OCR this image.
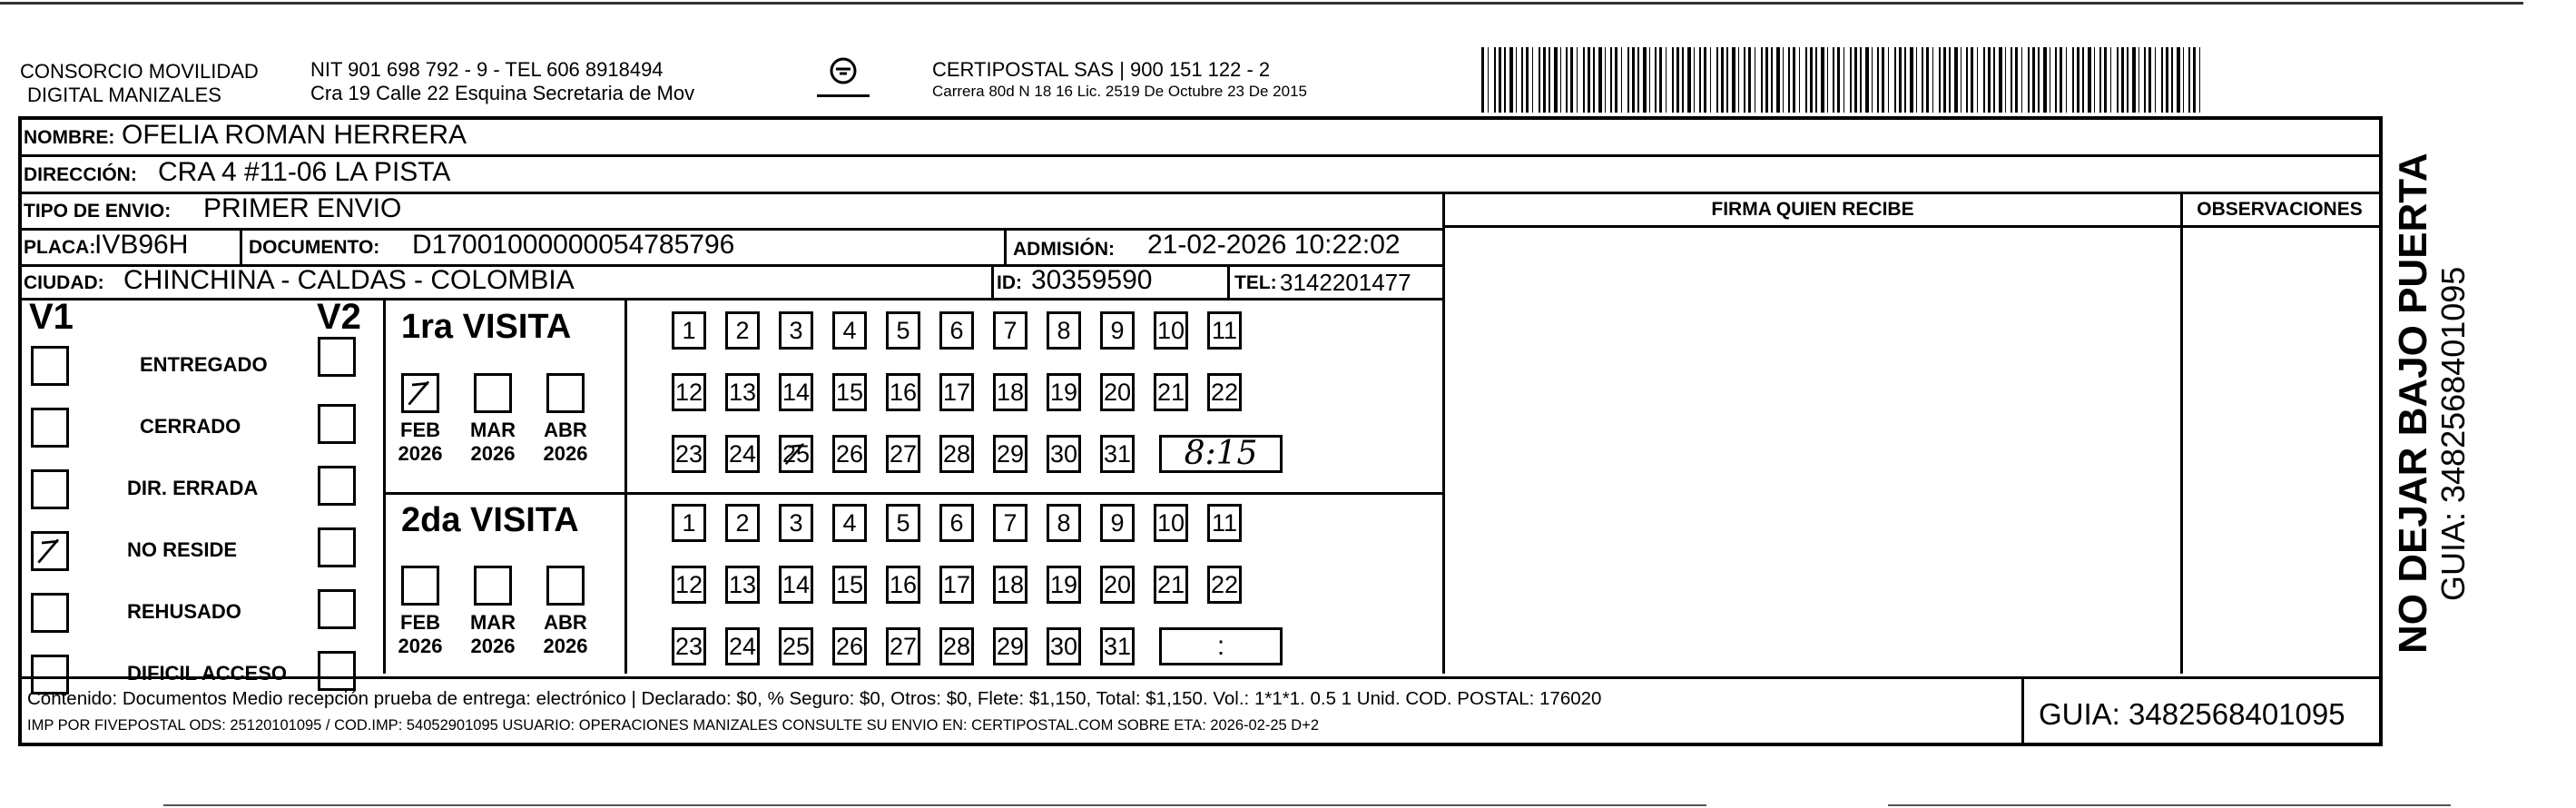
CONSORCIO MOVILIDAD
DIGITAL MANIZALES
NIT 901 698 792 - 9 - TEL 606 8918494
Cra 19 Calle 22 Esquina Secretaria de Mov
CERTIPOSTAL SAS | 900 151 122 - 2
Carrera 80d N 18 16 Lic. 2519 De Octubre 23 De 2015
NOMBRE: OFELIA ROMAN HERRERA
DIRECCIÓN: CRA 4 #11-06 LA PISTA
TIPO DE ENVIO: PRIMER ENVIO
PLACA:
IVB96H	DOCUMENTO: D17001000000054785796	ADMISIÓN: 21-02-2026 10:22:02
CIUDAD: CHINCHINA - CALDAS - COLOMBIA	ID: 30359590	TEL: 3142201477
FIRMA QUIEN RECIBE	OBSERVACIONES
V1	V2
ENTREGADO
CERRADO
DIR. ERRADA
NO RESIDE
REHUSADO
DIFICIL ACCESO
1ra VISITA
2da VISITA
FEB
2026
MAR
2026
ABR
2026
FEB
2026
MAR
2026
ABR
2026
1	2	3	4	5	6	7	8	9	10 11
12 13 14 15 16 17 18 19 20 21 22
23 24 25 26 27 28 29 30 31	8:15
1	2	3	4	5	6	7	8	9	10 11
12 13 14 15 16 17 18 19 20 21 22
23 24 25 26 27 28 29 30 31	:
Contenido: Documentos Medio recepción prueba de entrega: electrónico | Declarado: $0, % Seguro: $0, Otros: $0, Flete: $1,150, Total: $1,150. Vol.: 1*1*1. 0.5 1 Unid. COD. POSTAL: 176020
IMP POR FIVEPOSTAL ODS: 25120101095 / COD.IMP: 54052901095 USUARIO: OPERACIONES MANIZALES CONSULTE SU ENVIO EN: CERTIPOSTAL.COM SOBRE ETA: 2026-02-25 D+2	GUIA: 3482568401095
NO DEJAR BAJO PUERTA GUIA: 3482568401095
